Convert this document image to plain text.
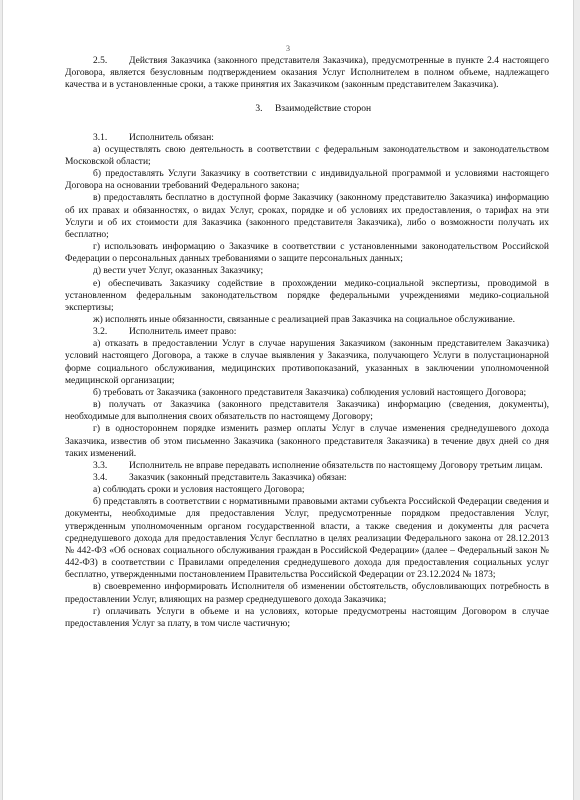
3

2.5. Действия Заказчика (законного представителя Заказчика), предусмотренные в пункте 2.4 настоящего Договора, является безусловным подтверждением оказания Услуг Исполнителем в полном объеме, надлежащего качества и в установленные сроки, а также принятия их Заказчиком (законным представителем Заказчика).

3. Взаимодействие сторон

3.1. Исполнитель обязан:

а) осуществлять свою деятельность в соответствии с федеральным законодательством и законодательством Московской области;

б) предоставлять Услуги Заказчику в соответствии с индивидуальной программой и условиями настоящего Договора на основании требований Федерального закона;

в) предоставлять бесплатно в доступной форме Заказчику (законному представителю Заказчика) информацию об их правах и обязанностях, о видах Услуг, сроках, порядке и об условиях их предоставления, о тарифах на эти Услуги и об их стоимости для Заказчика (законного представителя Заказчика), либо о возможности получать их бесплатно;

г) использовать информацию о Заказчике в соответствии с установленными законодательством Российской Федерации о персональных данных требованиями о защите персональных данных;

д) вести учет Услуг, оказанных Заказчику;

е) обеспечивать Заказчику содействие в прохождении медико-социальной экспертизы, проводимой в установленном федеральным законодательством порядке федеральными учреждениями медико-социальной экспертизы;

ж) исполнять иные обязанности, связанные с реализацией прав Заказчика на социальное обслуживание.

3.2. Исполнитель имеет право:

а) отказать в предоставлении Услуг в случае нарушения Заказчиком (законным представителем Заказчика) условий настоящего Договора, а также в случае выявления у Заказчика, получающего Услуги в полустационарной форме социального обслуживания, медицинских противопоказаний, указанных в заключении уполномоченной медицинской организации;

б) требовать от Заказчика (законного представителя Заказчика) соблюдения условий настоящего Договора;

в) получать от Заказчика (законного представителя Заказчика) информацию (сведения, документы), необходимые для выполнения своих обязательств по настоящему Договору;

г) в одностороннем порядке изменить размер оплаты Услуг в случае изменения среднедушевого дохода Заказчика, известив об этом письменно Заказчика (законного представителя Заказчика) в течение двух дней со дня таких изменений.

3.3. Исполнитель не вправе передавать исполнение обязательств по настоящему Договору третьим лицам.

3.4. Заказчик (законный представитель Заказчика) обязан:

а) соблюдать сроки и условия настоящего Договора;

б) представлять в соответствии с нормативными правовыми актами субъекта Российской Федерации сведения и документы, необходимые для предоставления Услуг, предусмотренные порядком предоставления Услуг, утвержденным уполномоченным органом государственной власти, а также сведения и документы для расчета среднедушевого дохода для предоставления Услуг бесплатно в целях реализации Федерального закона от 28.12.2013 № 442-ФЗ «Об основах социального обслуживания граждан в Российской Федерации» (далее – Федеральный закон № 442-ФЗ) в соответствии с Правилами определения среднедушевого дохода для предоставления социальных услуг бесплатно, утвержденными постановлением Правительства Российской Федерации от 23.12.2024 № 1873;

в) своевременно информировать Исполнителя об изменении обстоятельств, обусловливающих потребность в предоставлении Услуг, влияющих на размер среднедушевого дохода Заказчика;

г) оплачивать Услуги в объеме и на условиях, которые предусмотрены настоящим Договором в случае предоставления Услуг за плату, в том числе частичную;
